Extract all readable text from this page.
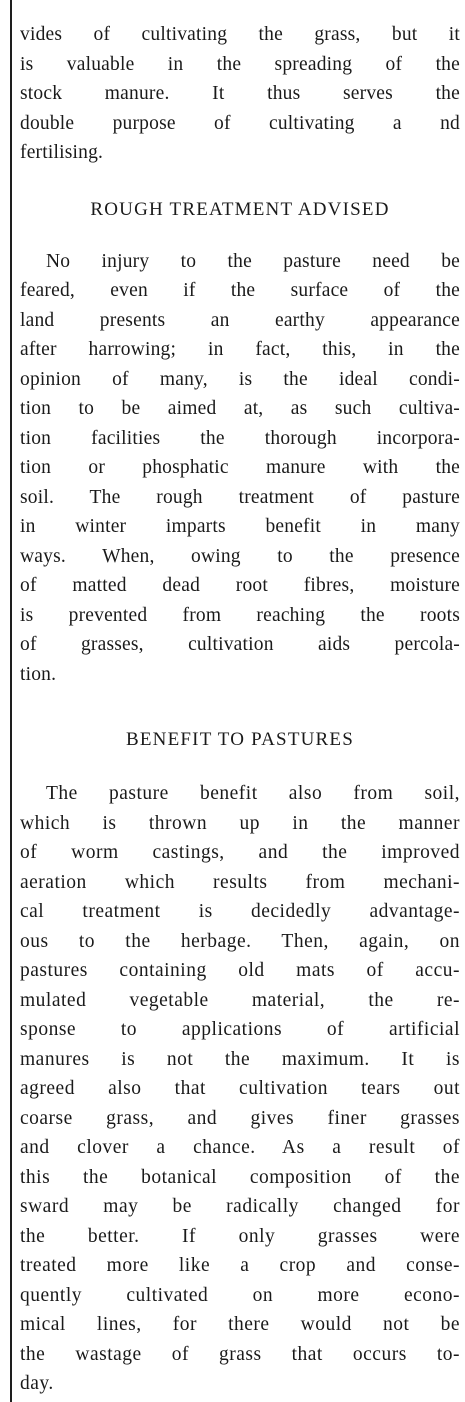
vides of cultivating the grass, but it
is valuable in the spreading of the
stock manure. It thus serves the
double purpose of cultivating a nd
fertilising.
ROUGH TREATMENT ADVISED
No injury to the pasture need be
feared, even if the surface of the
land presents an earthy appearance
after harrowing; in fact, this, in the
opinion of many, is the ideal condi-
tion to be aimed at, as such cultiva-
tion facilities the thorough incorpora-
tion or phosphatic manure with the
soil. The rough treatment of pasture
in winter imparts benefit in many
ways. When, owing to the presence
of matted dead root fibres, moisture
is prevented from reaching the roots
of grasses, cultivation aids percola-
tion.
BENEFIT TO PASTURES
The pasture benefit also from soil,
which is thrown up in the manner
of worm castings, and the improved
aeration which results from mechani-
cal treatment is decidedly advantage-
ous to the herbage. Then, again, on
pastures containing old mats of accu-
mulated vegetable material, the re-
sponse to applications of artificial
manures is not the maximum. It is
agreed also that cultivation tears out
coarse grass, and gives finer grasses
and clover a chance. As a result of
this the botanical composition of the
sward may be radically changed for
the better. If only grasses were
treated more like a crop and conse-
quently cultivated on more econo-
mical lines, for there would not be
the wastage of grass that occurs to-
day.
